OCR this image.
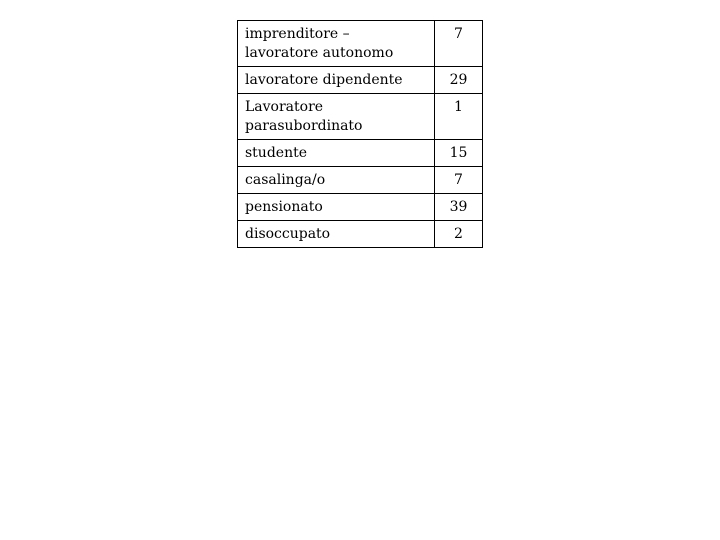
imprenditore – lavoratore autonomo	7
lavoratore dipendente	29
Lavoratore parasubordinato	1
studente	15
casalinga/o	7
pensionato	39
disoccupato	2
